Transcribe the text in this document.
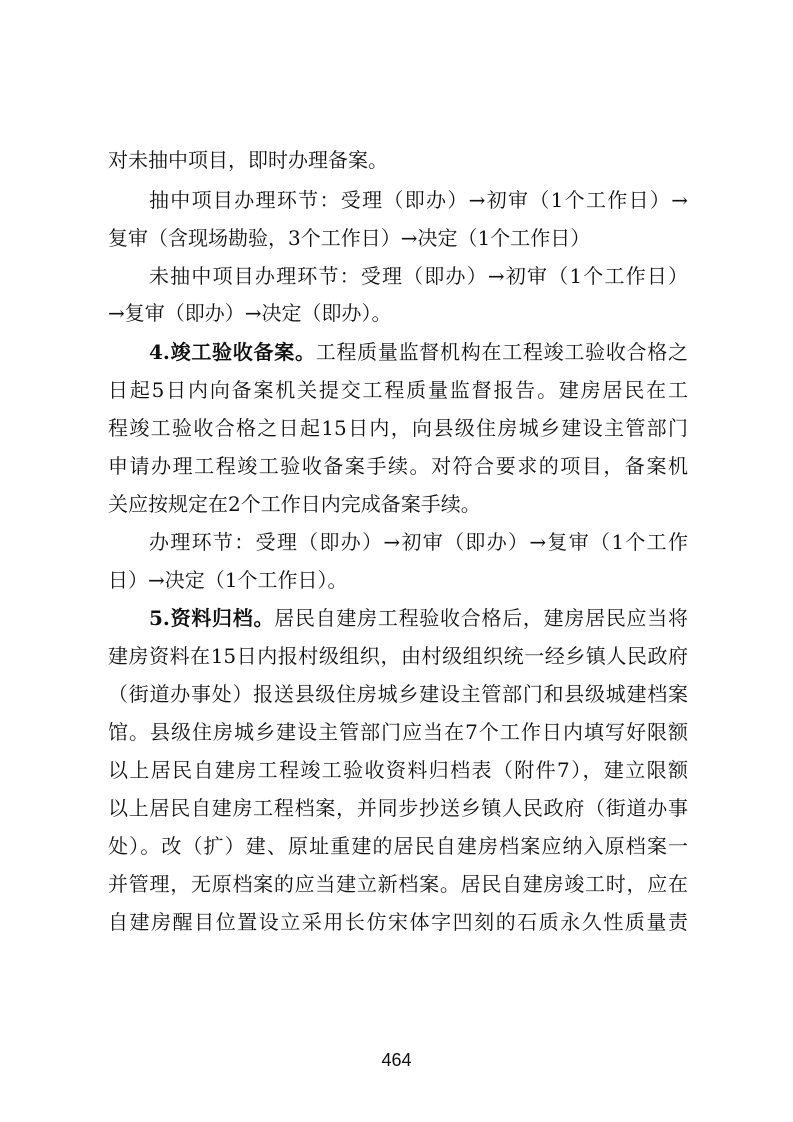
对未抽中项目，即时办理备案。
抽中项目办理环节：受理（即办）→初审（1个工作日）→
复审（含现场勘验，3个工作日）→决定（1个工作日）
未抽中项目办理环节：受理（即办）→初审（1个工作日）
→复审（即办）→决定（即办）。
4.竣工验收备案。工程质量监督机构在工程竣工验收合格之
日起5日内向备案机关提交工程质量监督报告。建房居民在工
程竣工验收合格之日起15日内，向县级住房城乡建设主管部门
申请办理工程竣工验收备案手续。对符合要求的项目，备案机
关应按规定在2个工作日内完成备案手续。
办理环节：受理（即办）→初审（即办）→复审（1个工作
日）→决定（1个工作日）。
5.资料归档。居民自建房工程验收合格后，建房居民应当将
建房资料在15日内报村级组织，由村级组织统一经乡镇人民政府
（街道办事处）报送县级住房城乡建设主管部门和县级城建档案
馆。县级住房城乡建设主管部门应当在7个工作日内填写好限额
以上居民自建房工程竣工验收资料归档表（附件7），建立限额
以上居民自建房工程档案，并同步抄送乡镇人民政府（街道办事
处）。改（扩）建、原址重建的居民自建房档案应纳入原档案一
并管理，无原档案的应当建立新档案。居民自建房竣工时，应在
自建房醒目位置设立采用长仿宋体字凹刻的石质永久性质量责
464
